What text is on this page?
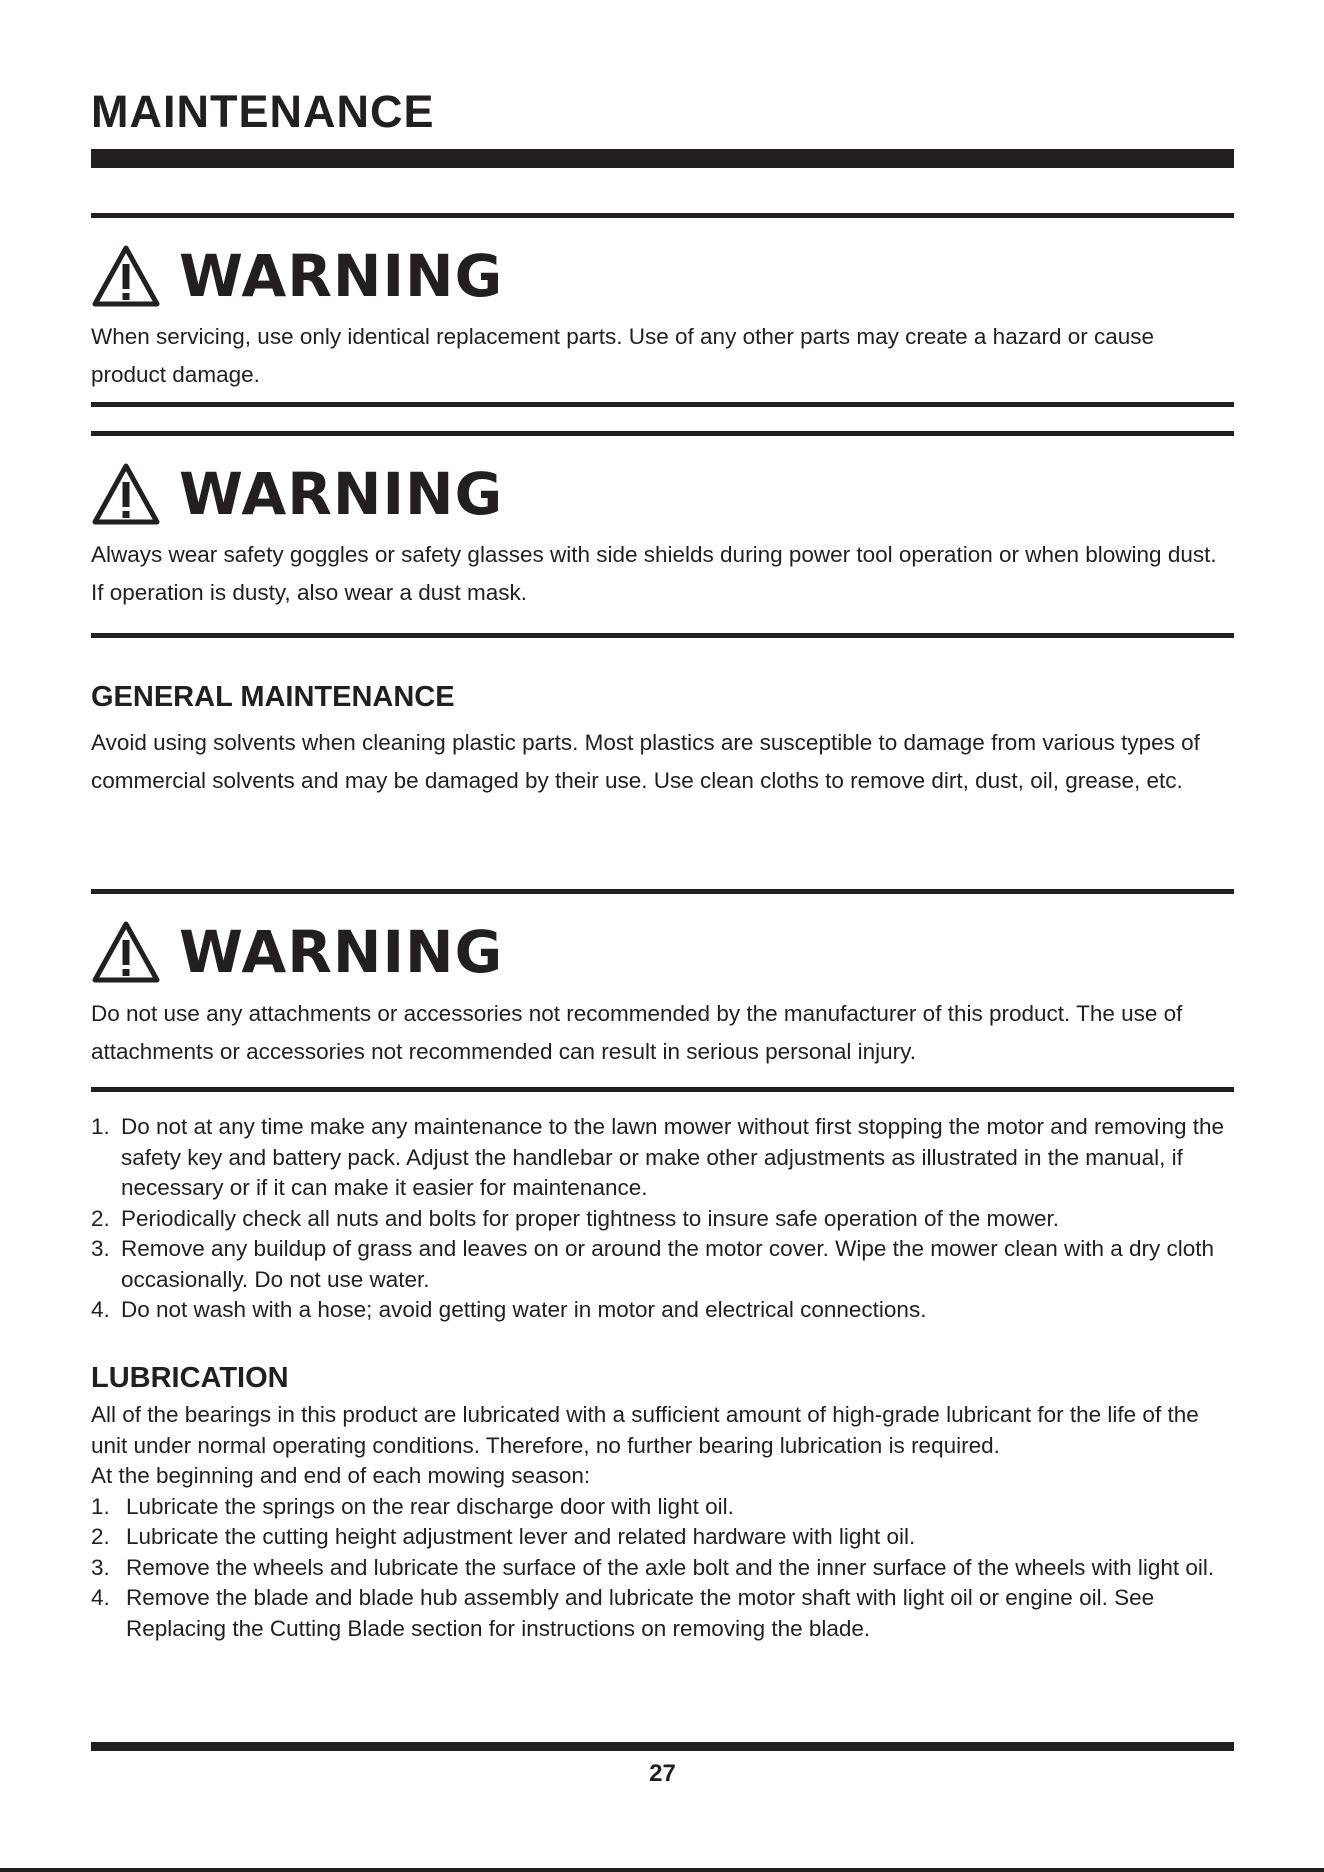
MAINTENANCE
WARNING
When servicing, use only identical replacement parts. Use of any other parts may create a hazard or cause product damage.
WARNING
Always wear safety goggles or safety glasses with side shields during power tool operation or when blowing dust. If operation is dusty, also wear a dust mask.
GENERAL MAINTENANCE
Avoid using solvents when cleaning plastic parts. Most plastics are susceptible to damage from various types of commercial solvents and may be damaged by their use. Use clean cloths to remove dirt, dust, oil, grease, etc.
WARNING
Do not use any attachments or accessories not recommended by the manufacturer of this product. The use of attachments or accessories not recommended can result in serious personal injury.
1. Do not at any time make any maintenance to the lawn mower without first stopping the motor and removing the safety key and battery pack. Adjust the handlebar or make other adjustments as illustrated in the manual, if necessary or if it can make it easier for maintenance.
2. Periodically check all nuts and bolts for proper tightness to insure safe operation of the mower.
3. Remove any buildup of grass and leaves on or around the motor cover. Wipe the mower clean with a dry cloth occasionally. Do not use water.
4. Do not wash with a hose; avoid getting water in motor and electrical connections.
LUBRICATION
All of the bearings in this product are lubricated with a sufficient amount of high-grade lubricant for the life of the unit under normal operating conditions. Therefore, no further bearing lubrication is required.
At the beginning and end of each mowing season:
1. Lubricate the springs on the rear discharge door with light oil.
2. Lubricate the cutting height adjustment lever and related hardware with light oil.
3. Remove the wheels and lubricate the surface of the axle bolt and the inner surface of the wheels with light oil.
4. Remove the blade and blade hub assembly and lubricate the motor shaft with light oil or engine oil. See Replacing the Cutting Blade section for instructions on removing the blade.
27
